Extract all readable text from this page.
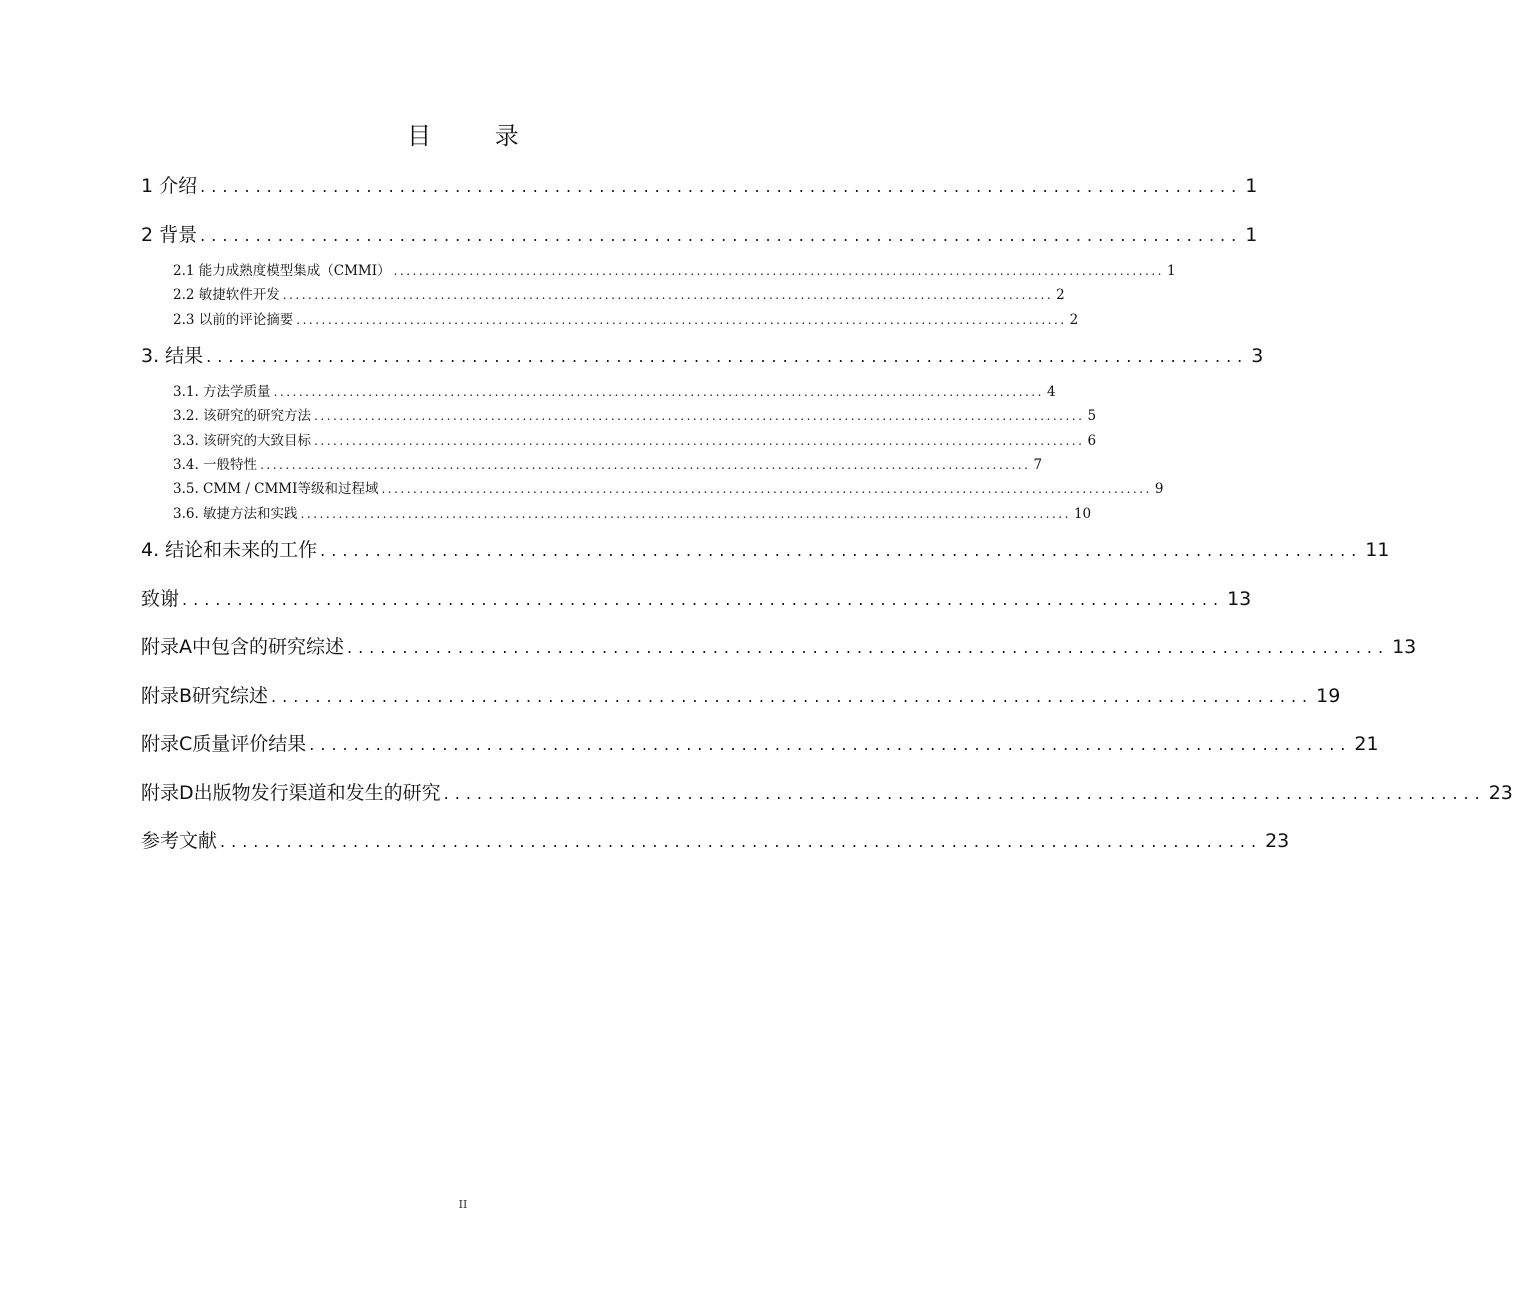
目 录
1 介绍 .............................................................................................. 1
2 背景 .............................................................................................. 1
2.1 能力成熟度模型集成（CMMI） .......................................................................................................................... 1
2.2 敏捷软件开发 .......................................................................................................................... 2
2.3 以前的评论摘要 .......................................................................................................................... 2
3. 结果 .............................................................................................. 3
3.1. 方法学质量 .......................................................................................................................... 4
3.2. 该研究的研究方法 .......................................................................................................................... 5
3.3. 该研究的大致目标 .......................................................................................................................... 6
3.4. 一般特性 .......................................................................................................................... 7
3.5. CMM / CMMI等级和过程域 .......................................................................................................................... 9
3.6. 敏捷方法和实践 .......................................................................................................................... 10
4. 结论和未来的工作 .............................................................................................. 11
致谢 .............................................................................................. 13
附录A中包含的研究综述 .............................................................................................. 13
附录B研究综述 .............................................................................................. 19
附录C质量评价结果 .............................................................................................. 21
附录D出版物发行渠道和发生的研究 .............................................................................................. 23
参考文献 .............................................................................................. 23
II
